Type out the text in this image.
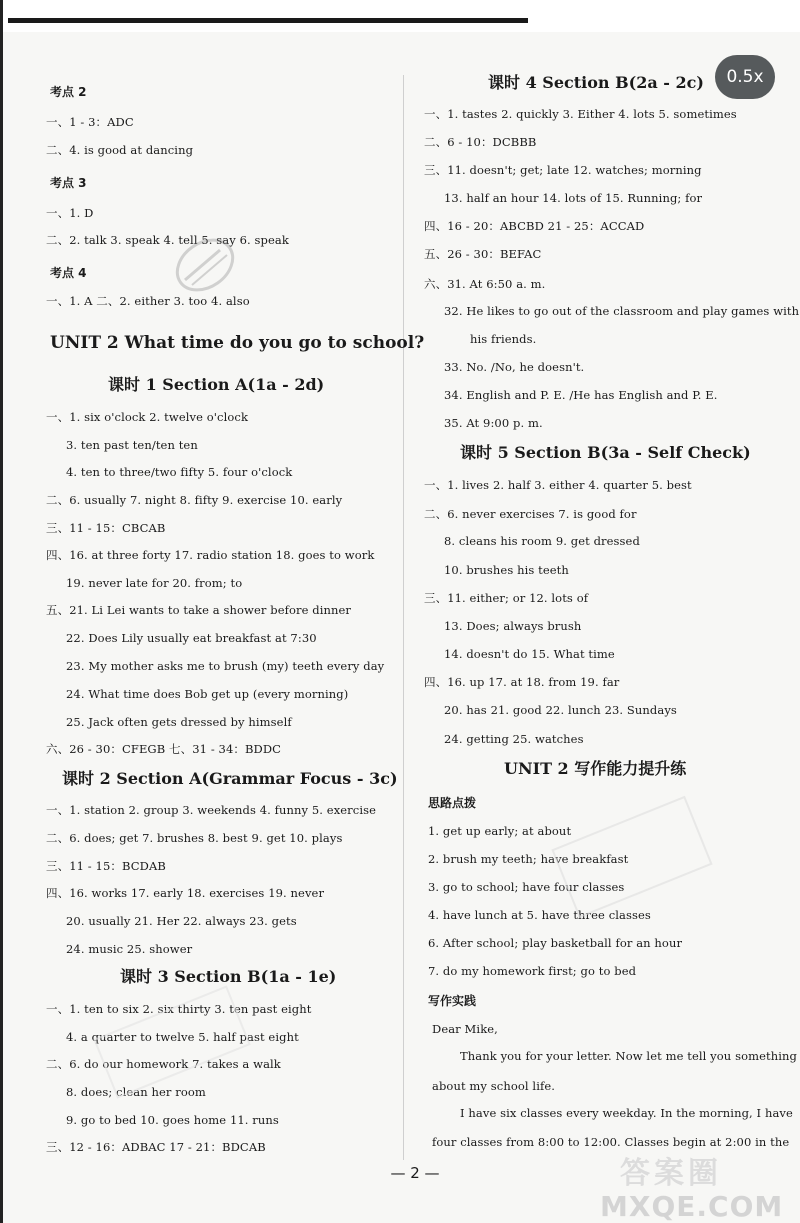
0.5x
考点 2
一、1 - 3：ADC
二、4. is good at dancing
考点 3
一、1. D
二、2. talk 3. speak 4. tell 5. say 6. speak
考点 4
一、1. A 二、2. either 3. too 4. also
UNIT 2 What time do you go to school?
课时 1 Section A(1a - 2d)
一、1. six o'clock 2. twelve o'clock
3. ten past ten/ten ten
4. ten to three/two fifty 5. four o'clock
二、6. usually 7. night 8. fifty 9. exercise 10. early
三、11 - 15：CBCAB
四、16. at three forty 17. radio station 18. goes to work
19. never late for 20. from; to
五、21. Li Lei wants to take a shower before dinner
22. Does Lily usually eat breakfast at 7:30
23. My mother asks me to brush (my) teeth every day
24. What time does Bob get up (every morning)
25. Jack often gets dressed by himself
六、26 - 30：CFEGB 七、31 - 34：BDDC
课时 2 Section A(Grammar Focus - 3c)
一、1. station 2. group 3. weekends 4. funny 5. exercise
二、6. does; get 7. brushes 8. best 9. get 10. plays
三、11 - 15：BCDAB
四、16. works 17. early 18. exercises 19. never
20. usually 21. Her 22. always 23. gets
24. music 25. shower
课时 3 Section B(1a - 1e)
一、1. ten to six 2. six thirty 3. ten past eight
4. a quarter to twelve 5. half past eight
二、6. do our homework 7. takes a walk
8. does; clean her room
9. go to bed 10. goes home 11. runs
三、12 - 16：ADBAC 17 - 21：BDCAB
课时 4 Section B(2a - 2c)
一、1. tastes 2. quickly 3. Either 4. lots 5. sometimes
二、6 - 10：DCBBB
三、11. doesn't; get; late 12. watches; morning
13. half an hour 14. lots of 15. Running; for
四、16 - 20：ABCBD 21 - 25：ACCAD
五、26 - 30：BEFAC
六、31. At 6:50 a. m.
32. He likes to go out of the classroom and play games with
his friends.
33. No. /No, he doesn't.
34. English and P. E. /He has English and P. E.
35. At 9:00 p. m.
课时 5 Section B(3a - Self Check)
一、1. lives 2. half 3. either 4. quarter 5. best
二、6. never exercises 7. is good for
8. cleans his room 9. get dressed
10. brushes his teeth
三、11. either; or 12. lots of
13. Does; always brush
14. doesn't do 15. What time
四、16. up 17. at 18. from 19. far
20. has 21. good 22. lunch 23. Sundays
24. getting 25. watches
UNIT 2 写作能力提升练
思路点拨
1. get up early; at about
2. brush my teeth; have breakfast
3. go to school; have four classes
4. have lunch at 5. have three classes
6. After school; play basketball for an hour
7. do my homework first; go to bed
写作实践
Dear Mike,
Thank you for your letter. Now let me tell you something
about my school life.
I have six classes every weekday. In the morning, I have
four classes from 8:00 to 12:00. Classes begin at 2:00 in the
答案圈
MXQE.COM
— 2 —
